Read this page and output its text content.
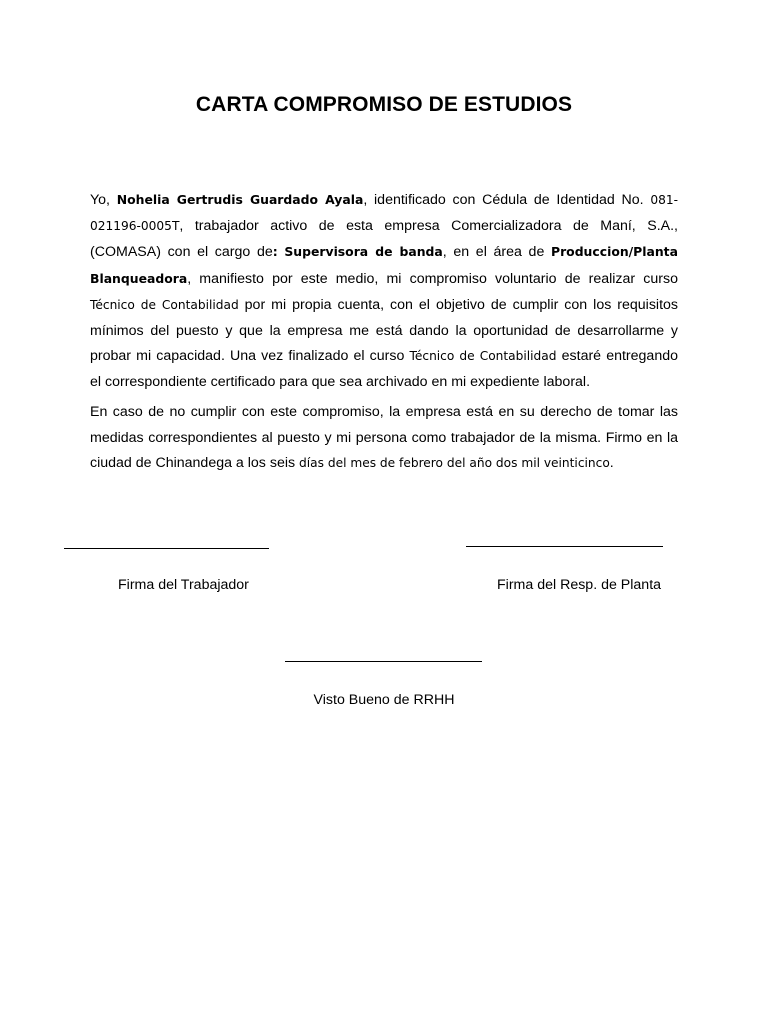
CARTA COMPROMISO DE ESTUDIOS
Yo, Nohelia Gertrudis Guardado Ayala, identificado con Cédula de Identidad No. 081-021196-0005T, trabajador activo de esta empresa Comercializadora de Maní, S.A., (COMASA) con el cargo de: Supervisora de banda, en el área de Produccion/Planta Blanqueadora, manifiesto por este medio, mi compromiso voluntario de realizar curso Técnico de Contabilidad por mi propia cuenta, con el objetivo de cumplir con los requisitos mínimos del puesto y que la empresa me está dando la oportunidad de desarrollarme y probar mi capacidad. Una vez finalizado el curso Técnico de Contabilidad estaré entregando el correspondiente certificado para que sea archivado en mi expediente laboral.
En caso de no cumplir con este compromiso, la empresa está en su derecho de tomar las medidas correspondientes al puesto y mi persona como trabajador de la misma. Firmo en la ciudad de Chinandega a los seis días del mes de febrero del año dos mil veinticinco.
Firma del Trabajador	Firma del Resp. de Planta
Visto Bueno de RRHH
